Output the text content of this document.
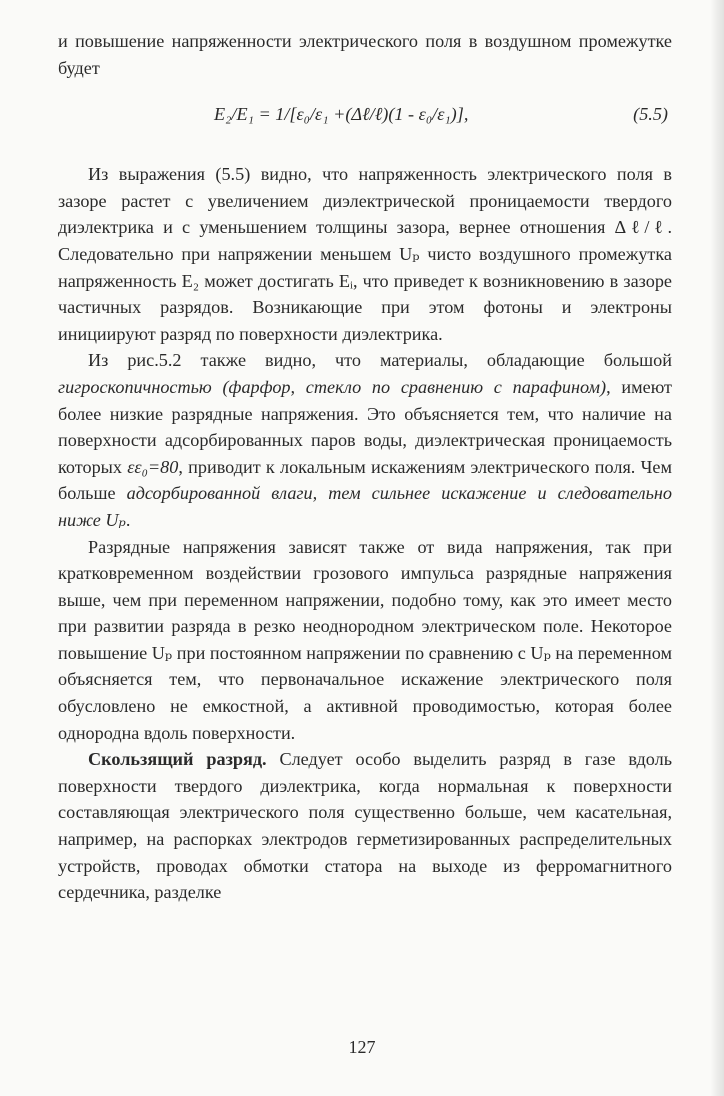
и повышение напряженности электрического поля в воздушном промежутке будет

E₂/E₁ = 1/[ε₀/ε₁ +(Δℓ/ℓ)(1 - ε₀/ε₁)],	(5.5)

Из выражения (5.5) видно, что напряженность электрического поля в зазоре растет с увеличением диэлектрической проницаемости твердого диэлектрика и с уменьшением толщины зазора, вернее отношения Δℓ/ℓ. Следовательно при напряжении меньшем Uₚ чисто воздушного промежутка напряженность E₂ может достигать Eᵢ, что приведет к возникновению в зазоре частичных разрядов. Возникающие при этом фотоны и электроны инициируют разряд по поверхности диэлектрика.

Из рис.5.2 также видно, что материалы, обладающие большой гигроскопичностью (фарфор, стекло по сравнению с парафином), имеют более низкие разрядные напряжения. Это объясняется тем, что наличие на поверхности адсорбированных паров воды, диэлектрическая проницаемость которых εε₀=80, приводит к локальным искажениям электрического поля. Чем больше адсорбированной влаги, тем сильнее искажение и следовательно ниже Uₚ.

Разрядные напряжения зависят также от вида напряжения, так при кратковременном воздействии грозового импульса разрядные напряжения выше, чем при переменном напряжении, подобно тому, как это имеет место при развитии разряда в резко неоднородном электрическом поле. Некоторое повышение Uₚ при постоянном напряжении по сравнению с Uₚ на переменном объясняется тем, что первоначальное искажение электрического поля обусловлено не емкостной, а активной проводимостью, которая более однородна вдоль поверхности.

Скользящий разряд. Следует особо выделить разряд в газе вдоль поверхности твердого диэлектрика, когда нормальная к поверхности составляющая электрического поля существенно больше, чем касательная, например, на распорках электродов герметизированных распределительных устройств, проводах обмотки статора на выходе из ферромагнитного сердечника, разделке

127
